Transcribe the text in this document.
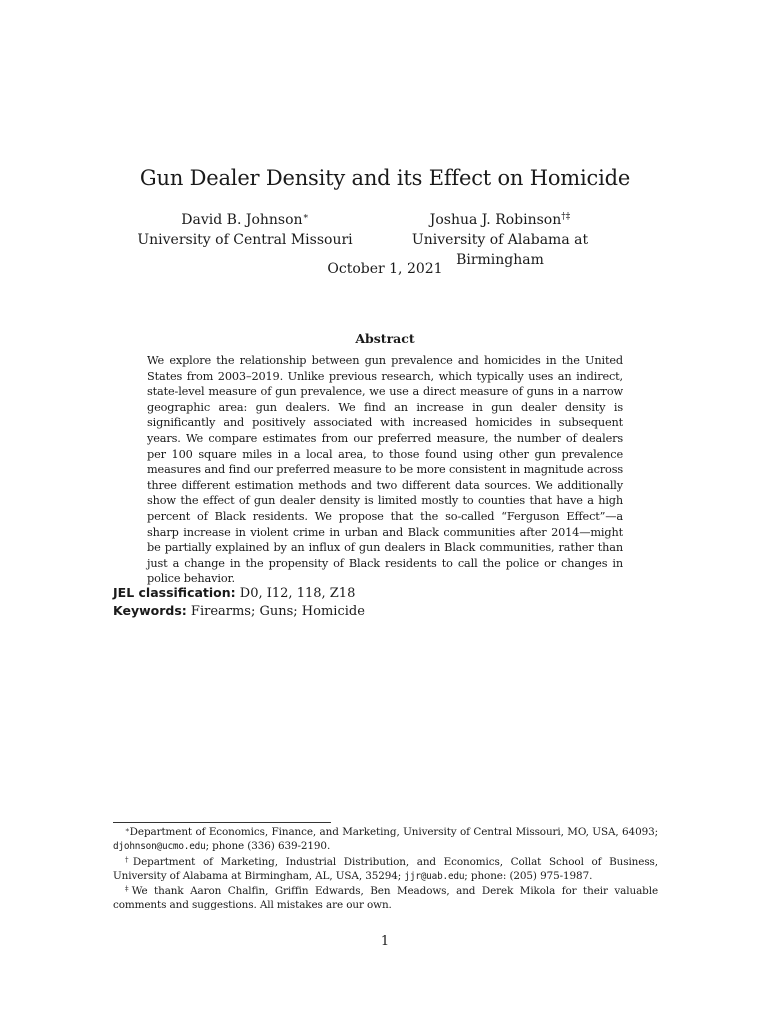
Gun Dealer Density and its Effect on Homicide
David B. Johnson∗
University of Central Missouri
Joshua J. Robinson†‡
University of Alabama at Birmingham
October 1, 2021
Abstract

We explore the relationship between gun prevalence and homicides in the United States from 2003–2019. Unlike previous research, which typically uses an indirect, state-level measure of gun prevalence, we use a direct measure of guns in a narrow geographic area: gun dealers. We find an increase in gun dealer density is significantly and positively associated with increased homicides in subsequent years. We compare estimates from our preferred measure, the number of dealers per 100 square miles in a local area, to those found using other gun prevalence measures and find our preferred measure to be more consistent in magnitude across three different estimation methods and two different data sources. We additionally show the effect of gun dealer density is limited mostly to counties that have a high percent of Black residents. We propose that the so-called “Ferguson Effect”—a sharp increase in violent crime in urban and Black communities after 2014—might be partially explained by an influx of gun dealers in Black communities, rather than just a change in the propensity of Black residents to call the police or changes in police behavior.

JEL classification: D0, I12, 118, Z18
Keywords: Firearms; Guns; Homicide

∗Department of Economics, Finance, and Marketing, University of Central Missouri, MO, USA, 64093; djohnson@ucmo.edu; phone (336) 639-2190.

†Department of Marketing, Industrial Distribution, and Economics, Collat School of Business, University of Alabama at Birmingham, AL, USA, 35294; jjr@uab.edu; phone: (205) 975-1987.

‡We thank Aaron Chalfin, Griffin Edwards, Ben Meadows, and Derek Mikola for their valuable comments and suggestions. All mistakes are our own.

1
